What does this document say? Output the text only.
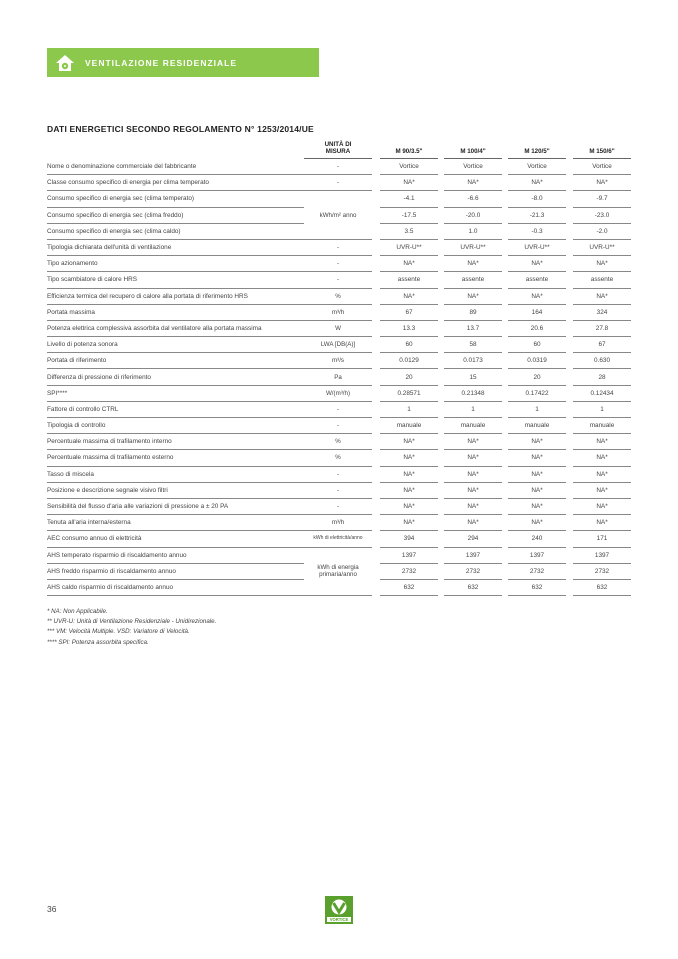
VENTILAZIONE RESIDENZIALE
DATI ENERGETICI SECONDO REGOLAMENTO N° 1253/2014/UE
	UNITÀ DI MISURA		M 90/3.5"		M 100/4"		M 120/5"		M 150/6"
Nome o denominazione commerciale del fabbricante	-		Vortice		Vortice		Vortice		Vortice
Classe consumo specifico di energia per clima temperato	-		NA*		NA*		NA*		NA*
Consumo specifico di energia sec (clima temperato)	kWh/m² anno		-4.1		-6.6		-8.0		-9.7
Consumo specifico di energia sec (clima freddo)			-17.5		-20.0		-21.3		-23.0
Consumo specifico di energia sec (clima caldo)			3.5		1.0		-0.3		-2.0
Tipologia dichiarata dell'unità di ventilazione	-		UVR-U**		UVR-U**		UVR-U**		UVR-U**
Tipo azionamento	-		NA*		NA*		NA*		NA*
Tipo scambiatore di calore HRS	-		assente		assente		assente		assente
Efficienza termica del recupero di calore alla portata di riferimento HRS	%		NA*		NA*		NA*		NA*
Portata massima	m³/h		67		89		164		324
Potenza elettrica complessiva assorbita dal ventilatore alla portata massima	W		13.3		13.7		20.6		27.8
Livello di potenza sonora	LWA [DB(A)]		60		58		60		67
Portata di riferimento	m³/s		0.0129		0.0173		0.0319		0.630
Differenza di pressione di riferimento	Pa		20		15		20		28
SPI****	W/(m³/h)		0.28571		0.21348		0.17422		0.12434
Fattore di controllo CTRL	-		1		1		1		1
Tipologia di controllo	-		manuale		manuale		manuale		manuale
Percentuale massima di trafilamento interno	%		NA*		NA*		NA*		NA*
Percentuale massima di trafilamento esterno	%		NA*		NA*		NA*		NA*
Tasso di miscela	-		NA*		NA*		NA*		NA*
Posizione e descrizione segnale visivo filtri	-		NA*		NA*		NA*		NA*
Sensibilità del flusso d'aria alle variazioni di pressione a ± 20 PA	-		NA*		NA*		NA*		NA*
Tenuta all'aria interna/esterna	m³/h		NA*		NA*		NA*		NA*
AEC consumo annuo di elettricità	kWh di elettricità/anno		394		294		240		171
AHS temperato risparmio di riscaldamento annuo	kWh di energia primaria/anno		1397		1397		1397		1397
AHS freddo risparmio di riscaldamento annuo			2732		2732		2732		2732
AHS caldo risparmio di riscaldamento annuo			632		632		632		632
* NA: Non Applicabile.
** UVR-U: Unità di Ventilazione Residenziale - Unidirezionale.
*** VM: Velocità Multiple. VSD: Variatore di Velocità.
**** SPI: Potenza assorbita specifica.
36
VORTICE
